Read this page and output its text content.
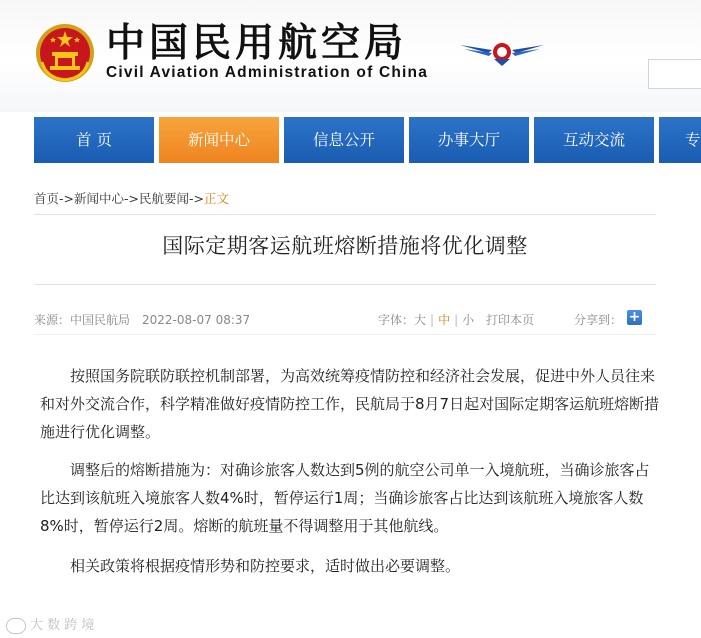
中国民用航空局
Civil Aviation Administration of China
首 页	新闻中心	信息公开	办事大厅	互动交流	专
首页->新闻中心->民航要闻->正文
国际定期客运航班熔断措施将优化调整
来源：中国民航局 2022-08-07 08:37	字体：大 | 中 | 小 打印本页	分享到： +

按照国务院联防联控机制部署，为高效统筹疫情防控和经济社会发展，促进中外人员往来和对外交流合作，科学精准做好疫情防控工作，民航局于8月7日起对国际定期客运航班熔断措施进行优化调整。

调整后的熔断措施为：对确诊旅客人数达到5例的航空公司单一入境航班，当确诊旅客占比达到该航班入境旅客人数4%时，暂停运行1周；当确诊旅客占比达到该航班入境旅客人数8%时，暂停运行2周。熔断的航班量不得调整用于其他航线。

相关政策将根据疫情形势和防控要求，适时做出必要调整。

大 数 跨 境
